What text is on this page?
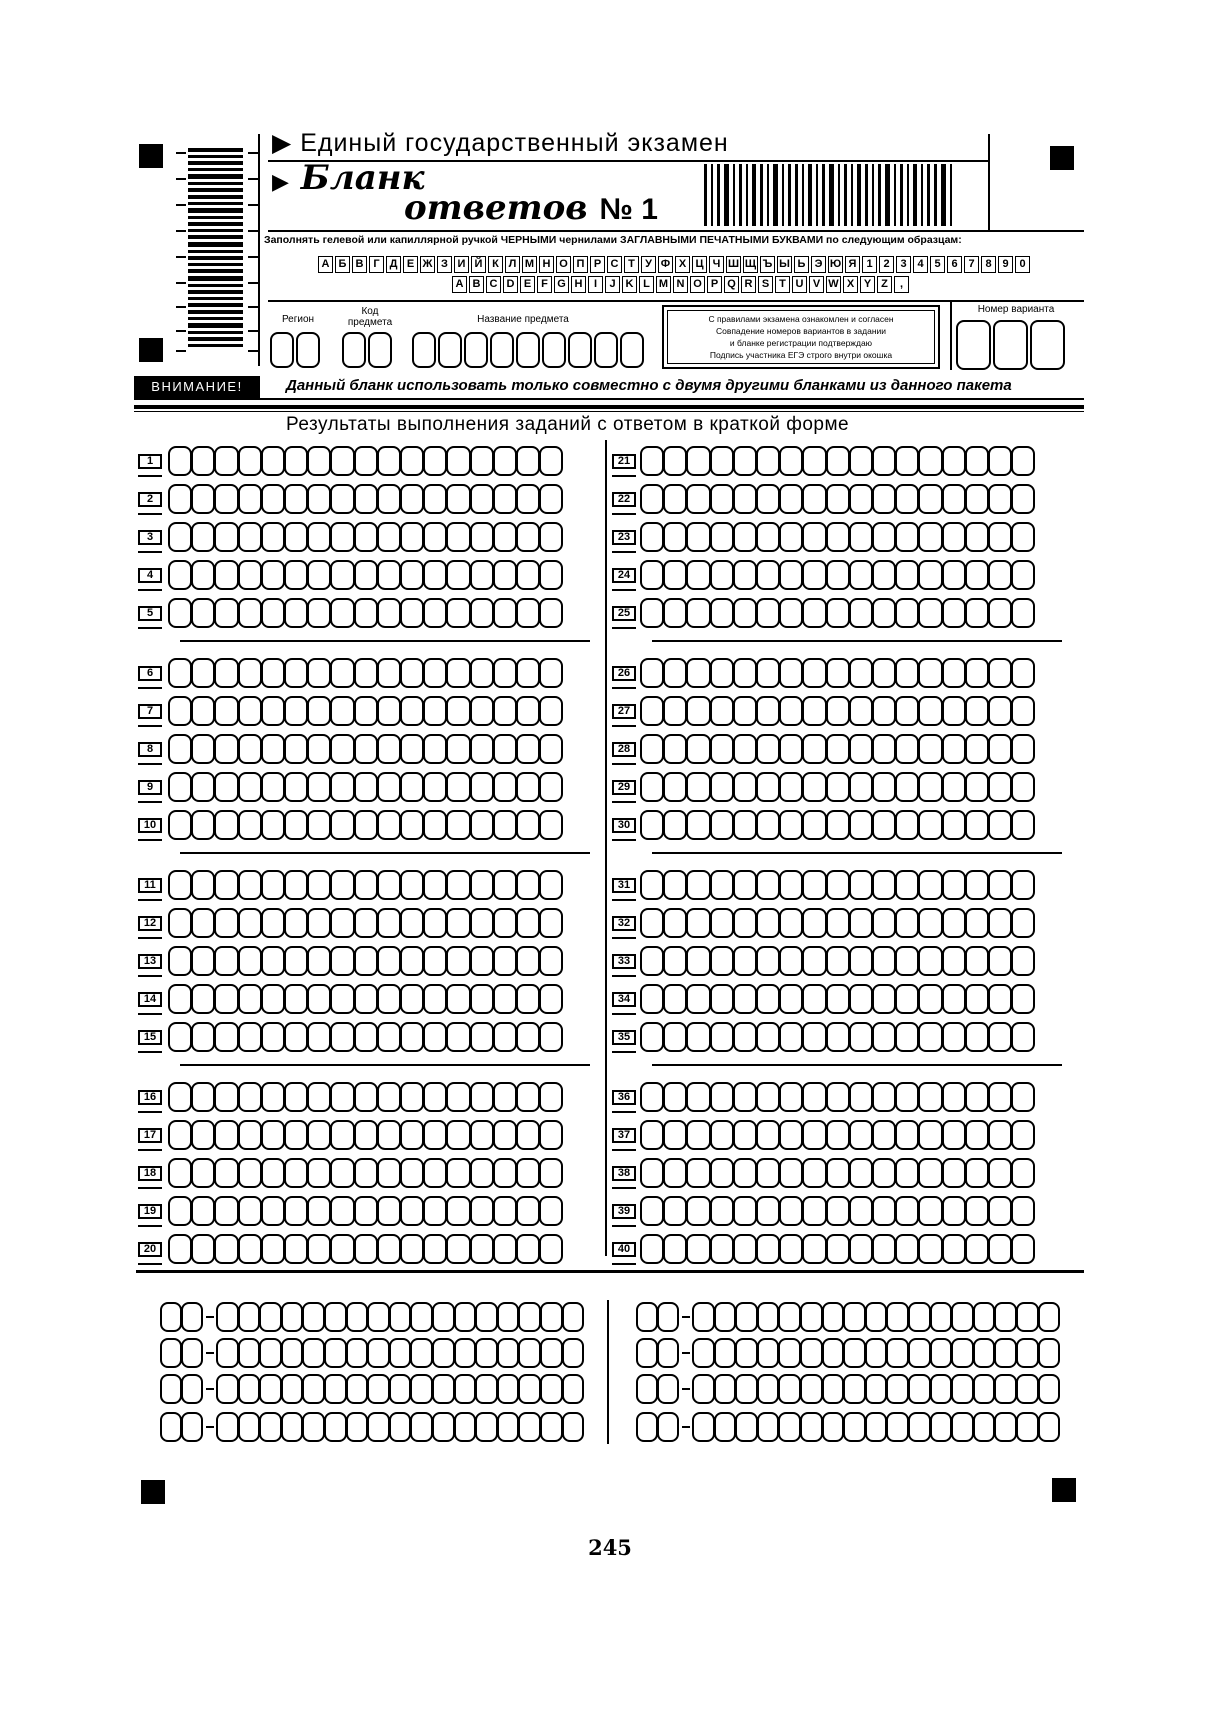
▶ Единый государственный экзамен
▶ Бланк
ответов № 1
Заполнять гелевой или капиллярной ручкой ЧЕРНЫМИ чернилами ЗАГЛАВНЫМИ ПЕЧАТНЫМИ БУКВАМИ по следующим образцам:
А Б В Г Д Е Ж З И Й К Л М Н О П Р С Т У Ф Х Ц Ч Ш Щ Ъ Ы Ь Э Ю Я 1 2 3 4 5 6 7 8 9 0
A B C D E F G H	I	J K L M N O P Q R S T U V W X Y Z	,
Регион
Код предмета	Название предмета
Номер варианта
С правилами экзамена ознакомлен и согласен
Совпадение номеров вариантов в задании
и бланке регистрации подтверждаю
Подпись участника ЕГЭ строго внутри окошка
ВНИМАНИЕ!	Данный бланк использовать только совместно с двумя другими бланками из данного пакета
Результаты выполнения заданий с ответом в краткой форме
1
2
3
4
5
6
7
8
9
10
11
12
13
14
15
16
17
18
19
20
21
22
23
24
25
26
27
28
29
30
31
32
33
34
35
36
37
38
39
40
245
